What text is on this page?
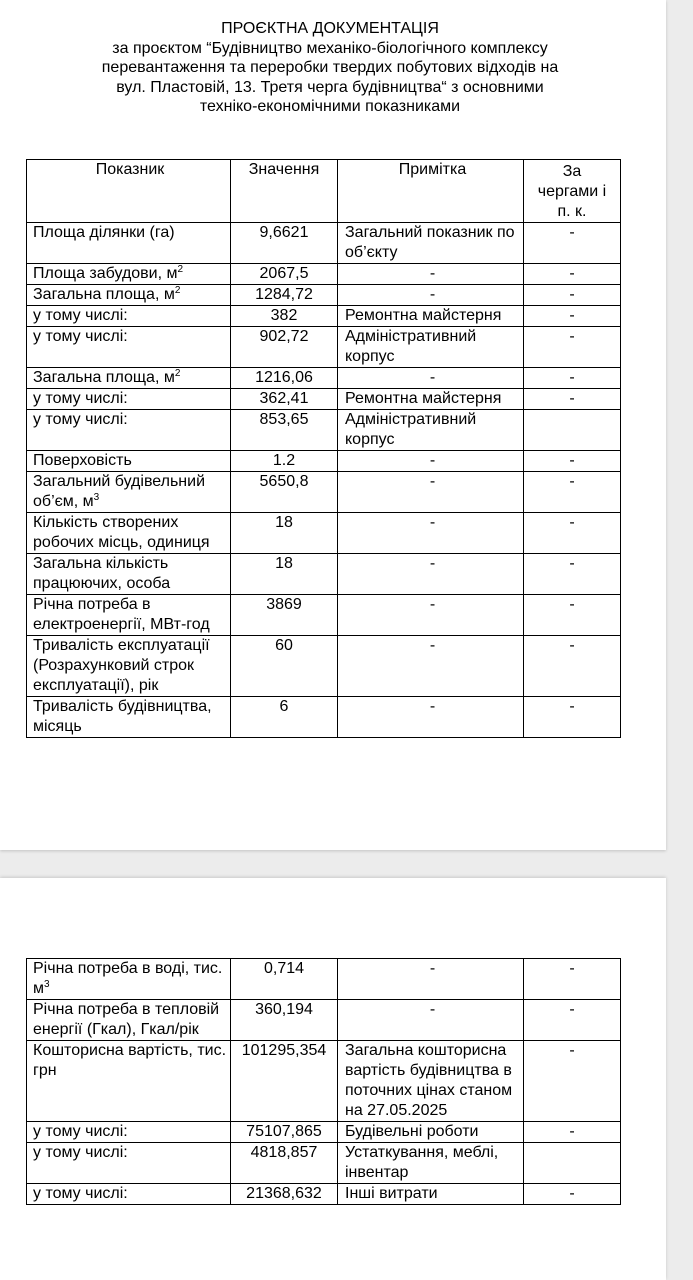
ПРОЄКТНА ДОКУМЕНТАЦІЯ
за проєктом “Будівництво механіко-біологічного комплексу
перевантаження та переробки твердих побутових відходів на
вул. Пластовій, 13. Третя черга будівництва“ з основними
техніко-економічними показниками
Показник	Значення	Примітка	За чергами і п. к.
Площа ділянки (га)	9,6621	Загальний показник по об’єкту	-
Площа забудови, $м^2$	2067,5	-	-
Загальна площа, $м^2$	1284,72	-	-
у тому числі:	382	Ремонтна майстерня	-
у тому числі:	902,72	Адміністративний корпус	-
Загальна площа, $м^2$	1216,06	-	-
у тому числі:	362,41	Ремонтна майстерня	-
у тому числі:	853,65	Адміністративний корпус	
Поверховість	1.2	-	-
Загальний будівельний об’єм, $м^3$	5650,8	-	-
Кількість створених робочих місць, одиниця	18	-	-
Загальна кількість працюючих, особа	18	-	-
Річна потреба в електроенергії, МВт-год	3869	-	-
Тривалість експлуатації (Розрахунковий строк експлуатації), рік	60	-	-
Тривалість будівництва, місяць	6	-	-
Річна потреба в воді, тис. $м^3$	0,714	-	-
Річна потреба в тепловій енергії (Гкал), Гкал/рік	360,194	-	-
Кошторисна вартість, тис. грн	101295,354	Загальна кошторисна вартість будівництва в поточних цінах станом на 27.05.2025	-
у тому числі:	75107,865	Будівельні роботи	-
у тому числі:	4818,857	Устаткування, меблі, інвентар	
у тому числі:	21368,632	Інші витрати	-
